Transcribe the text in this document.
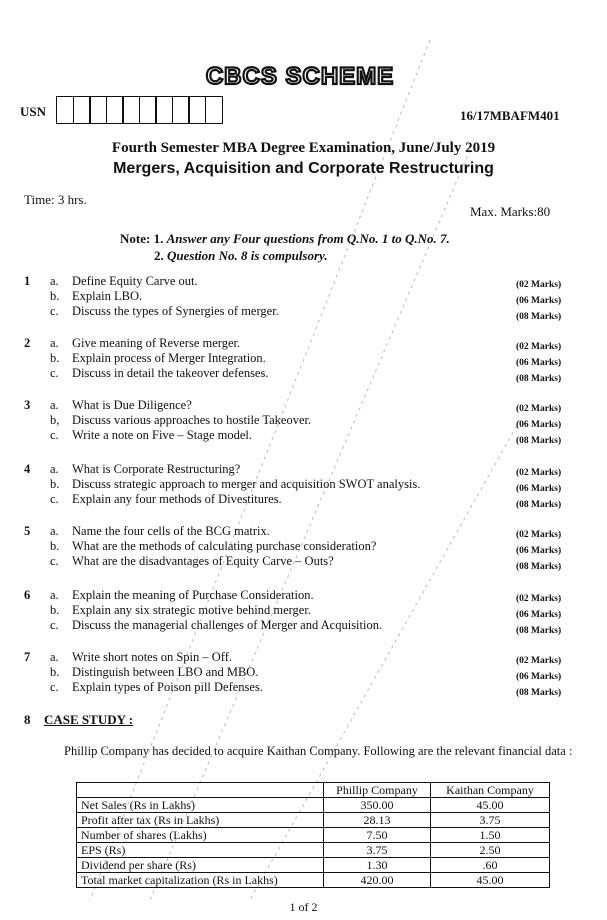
CBCS SCHEME
USN	16/17MBAFM401
Fourth Semester MBA Degree Examination, June/July 2019
Mergers, Acquisition and Corporate Restructuring
Time: 3 hrs.
Max. Marks:80
Note: 1. Answer any Four questions from Q.No. 1 to Q.No. 7.
2. Question No. 8 is compulsory.
1 a. Define Equity Carve out.	(02 Marks)
b. Explain LBO.	(06 Marks)
c. Discuss the types of Synergies of merger.	(08 Marks)
2 a. Give meaning of Reverse merger.	(02 Marks)
b. Explain process of Merger Integration.	(06 Marks)
c. Discuss in detail the takeover defenses.	(08 Marks)
3 a. What is Due Diligence?	(02 Marks)
b, Discuss various approaches to hostile Takeover.	(06 Marks)
c. Write a note on Five – Stage model.	(08 Marks)
4 a. What is Corporate Restructuring?	(02 Marks)
b. Discuss strategic approach to merger and acquisition SWOT analysis.	(06 Marks)
c. Explain any four methods of Divestitures.	(08 Marks)
5 a. Name the four cells of the BCG matrix.	(02 Marks)
b. What are the methods of calculating purchase consideration?	(06 Marks)
c. What are the disadvantages of Equity Carve – Outs?	(08 Marks)
6 a. Explain the meaning of Purchase Consideration.	(02 Marks)
b. Explain any six strategic motive behind merger.	(06 Marks)
c. Discuss the managerial challenges of Merger and Acquisition.	(08 Marks)
7 a. Write short notes on Spin – Off.	(02 Marks)
b. Distinguish between LBO and MBO.	(06 Marks)
c. Explain types of Poison pill Defenses.	(08 Marks)
8 CASE STUDY :
Phillip Company has decided to acquire Kaithan Company. Following are the relevant financial data :
	Phillip Company	Kaithan Company
Net Sales (Rs in Lakhs)	350.00	45.00
Profit after tax (Rs in Lakhs)	28.13	3.75
Number of shares (Lakhs)	7.50	1.50
EPS (Rs)	3.75	2.50
Dividend per share (Rs)	1.30	.60
Total market capitalization (Rs in Lakhs)	420.00	45.00
1 of 2
